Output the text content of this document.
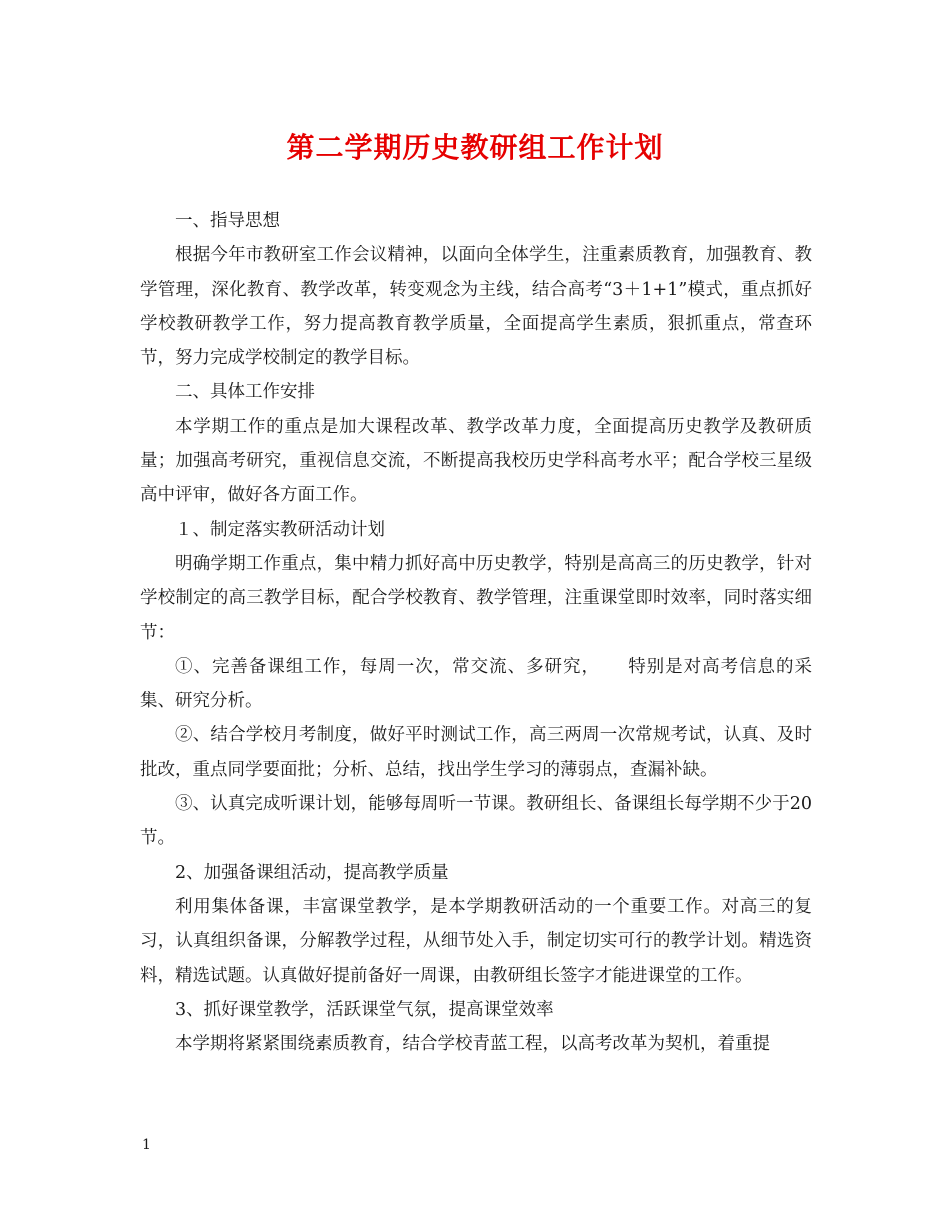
第二学期历史教研组工作计划

一、指导思想

根据今年市教研室工作会议精神，以面向全体学生，注重素质教育，加强教育、教学管理，深化教育、教学改革，转变观念为主线，结合高考“3＋1+1”模式，重点抓好学校教研教学工作，努力提高教育教学质量，全面提高学生素质，狠抓重点，常查环节，努力完成学校制定的教学目标。

二、具体工作安排

本学期工作的重点是加大课程改革、教学改革力度，全面提高历史教学及教研质量；加强高考研究，重视信息交流，不断提高我校历史学科高考水平；配合学校三星级高中评审，做好各方面工作。

１、制定落实教研活动计划

明确学期工作重点，集中精力抓好高中历史教学，特别是高高三的历史教学，针对学校制定的高三教学目标，配合学校教育、教学管理，注重课堂即时效率，同时落实细节：

①、完善备课组工作，每周一次，常交流、多研究，　　特别是对高考信息的采集、研究分析。

②、结合学校月考制度，做好平时测试工作，高三两周一次常规考试，认真、及时批改，重点同学要面批；分析、总结，找出学生学习的薄弱点，查漏补缺。

③、认真完成听课计划，能够每周听一节课。教研组长、备课组长每学期不少于20节。

2、加强备课组活动，提高教学质量

利用集体备课，丰富课堂教学，是本学期教研活动的一个重要工作。对高三的复习，认真组织备课，分解教学过程，从细节处入手，制定切实可行的教学计划。精选资料，精选试题。认真做好提前备好一周课，由教研组长签字才能进课堂的工作。

3、抓好课堂教学，活跃课堂气氛，提高课堂效率

本学期将紧紧围绕素质教育，结合学校青蓝工程，以高考改革为契机，着重提

1
